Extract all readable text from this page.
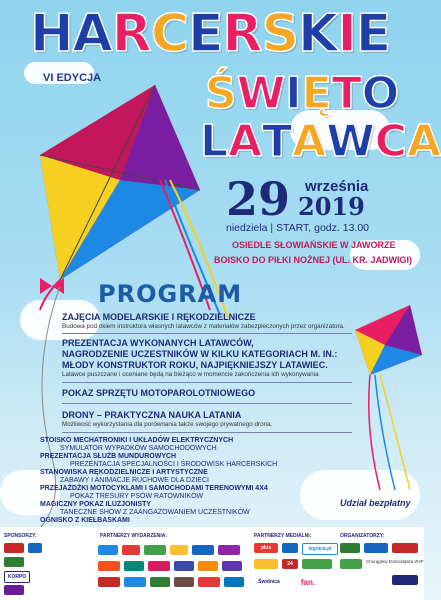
HARCERSKIE
VI EDYCJA ŚWIĘTO
LATAWCA
29 września
2019
niedziela | START, godz. 13.00
OSIEDLE SŁOWIAŃSKIE W JAWORZE
BOISKO DO PIŁKI NOŻNEJ (UL. KR. JADWIGI)
PROGRAM
ZAJĘCIA MODELARSKIE I RĘKODZIELNICZE
Budowa pod okiem instruktora własnych latawców z materiałów zabezpieczonych przez organizatora.
PREZENTACJA WYKONANYCH LATAWCÓW,
NAGRODZENIE UCZESTNIKÓW W KILKU KATEGORIACH M. IN.:
MŁODY KONSTRUKTOR ROKU, NAJPIĘKNIEJSZY LATAWIEC.
Latawce puszczane i oceniane będą na bieżąco w momencie zakończenia ich wykonywania
POKAZ SPRZĘTU MOTOPAROLOTNIOWEGO
DRONY – PRAKTYCZNA NAUKA LATANIA
Możliwość wykorzystania dla porównania także swojego prywatnego drona.
STOISKO MECHATRONIKI I UKŁADÓW ELEKTRYCZNYCH
SYMULATOR WYPADKÓW SAMOCHODOWYCH
PREZENTACJA SŁUŻB MUNDUROWYCH
PREZENTACJA SPECJALNOŚCI I ŚRODOWISK HARCERSKICH
STANOWISKA RĘKODZIELNICZE I ARTYSTYCZNE
ZABAWY I ANIMACJE RUCHOWE DLA DZIECI
PRZEJAŻDŻKI MOTOCYKLAMI I SAMOCHODAMI TERENOWYMI 4X4
POKAZ TRESURY PSÓW RATOWNIKÓW
MAGICZNY POKAZ ILUZJONISTY
TANECZNE SHOW Z ZAANGAŻOWANIEM UCZESTNIKÓW
OGNISKO Z KIEŁBASKAMI
Udział bezpłatny
SPONSORZY:	PARTNERZY WYDARZENIA:	PARTNERZY MEDIALNI:	ORGANIZATORZY:
KORPO
plus	legnica.pl
24
Świdnica	fan.
Chorągiew Dolnośląska ZHP
